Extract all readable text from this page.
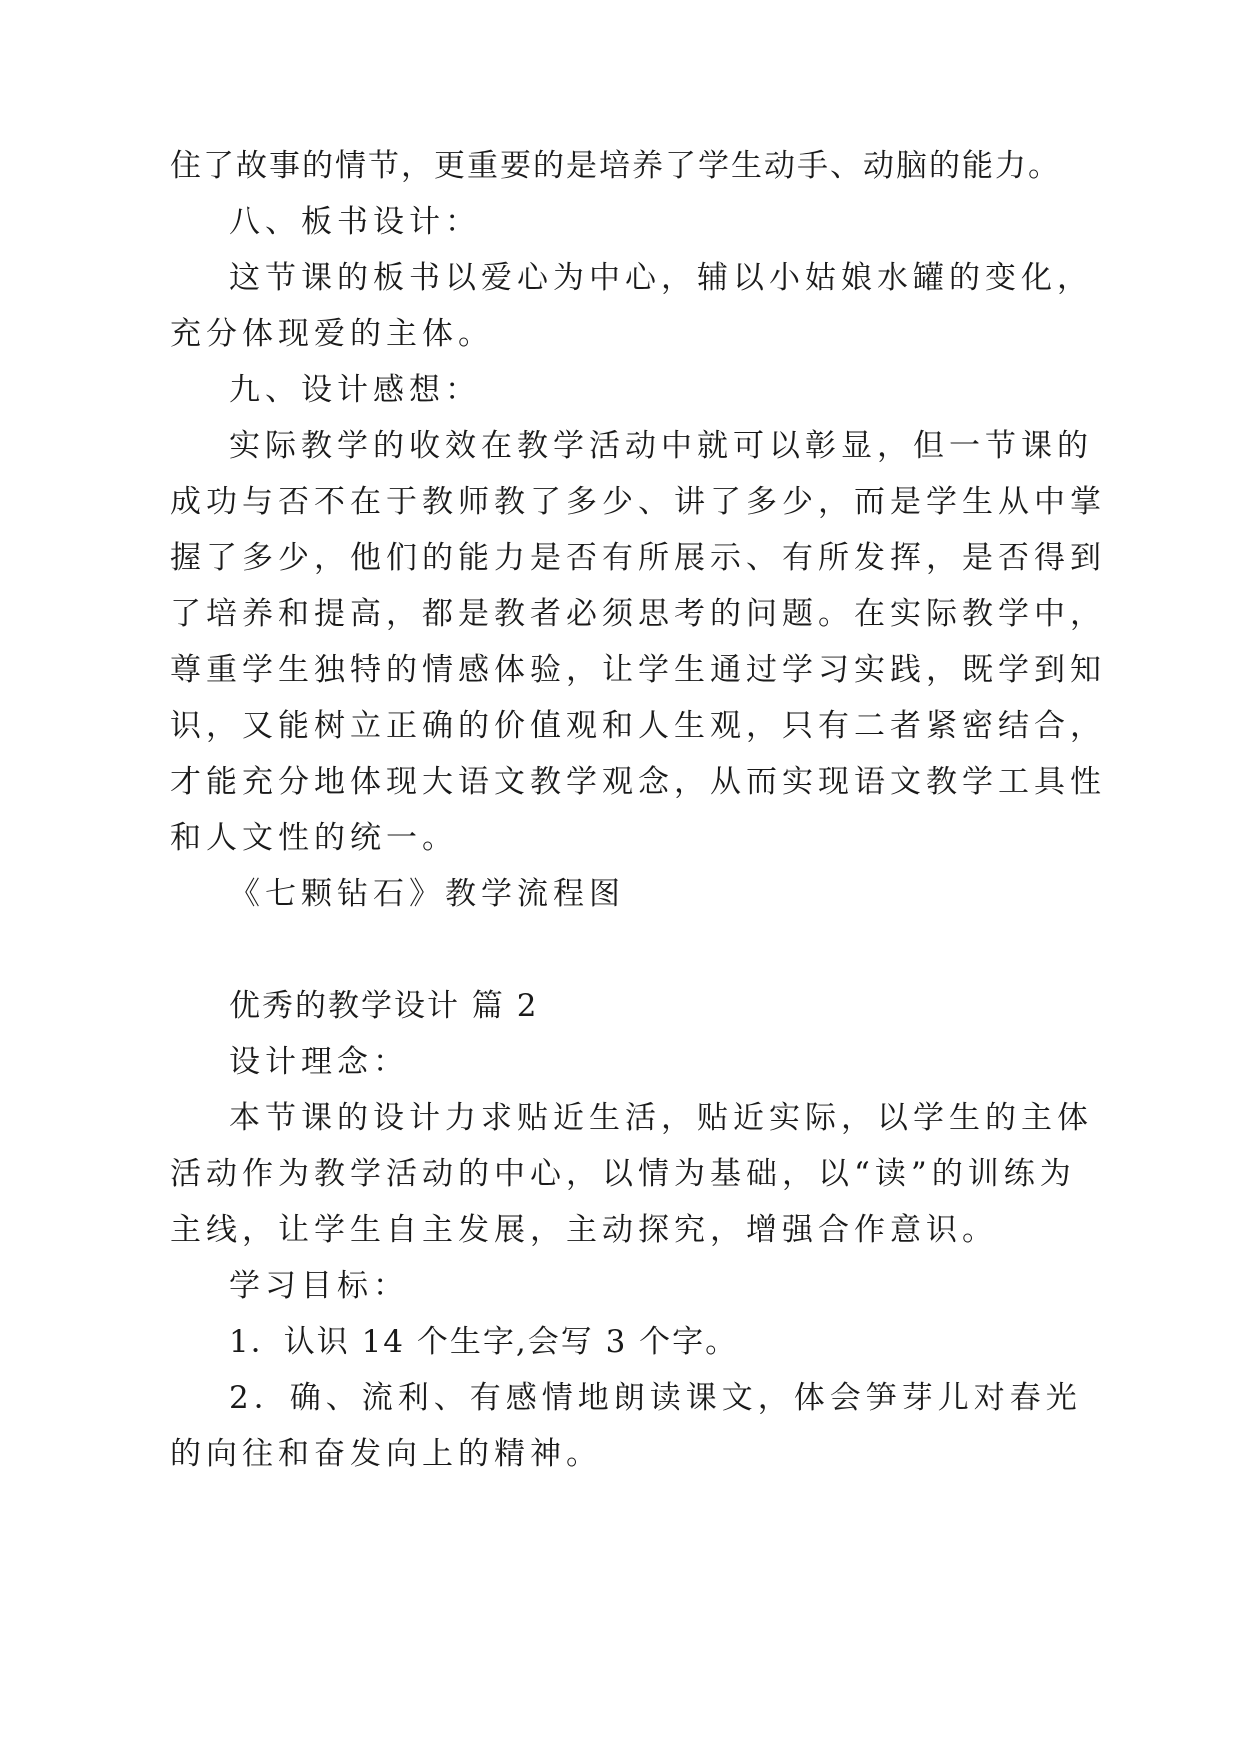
住了故事的情节，更重要的是培养了学生动手、动脑的能力。
八、板书设计：
这节课的板书以爱心为中心，辅以小姑娘水罐的变化，
充分体现爱的主体。
九、设计感想：
实际教学的收效在教学活动中就可以彰显，但一节课的
成功与否不在于教师教了多少、讲了多少，而是学生从中掌
握了多少，他们的能力是否有所展示、有所发挥，是否得到
了培养和提高，都是教者必须思考的问题。在实际教学中，
尊重学生独特的情感体验，让学生通过学习实践，既学到知
识，又能树立正确的价值观和人生观，只有二者紧密结合，
才能充分地体现大语文教学观念，从而实现语文教学工具性
和人文性的统一。
《七颗钻石》教学流程图
优秀的教学设计 篇 2
设计理念：
本节课的设计力求贴近生活，贴近实际，以学生的主体
活动作为教学活动的中心，以情为基础，以“读”的训练为
主线，让学生自主发展，主动探究，增强合作意识。
学习目标：
1．认识 14 个生字,会写 3 个字。
2．确、流利、有感情地朗读课文，体会笋芽儿对春光
的向往和奋发向上的精神。
